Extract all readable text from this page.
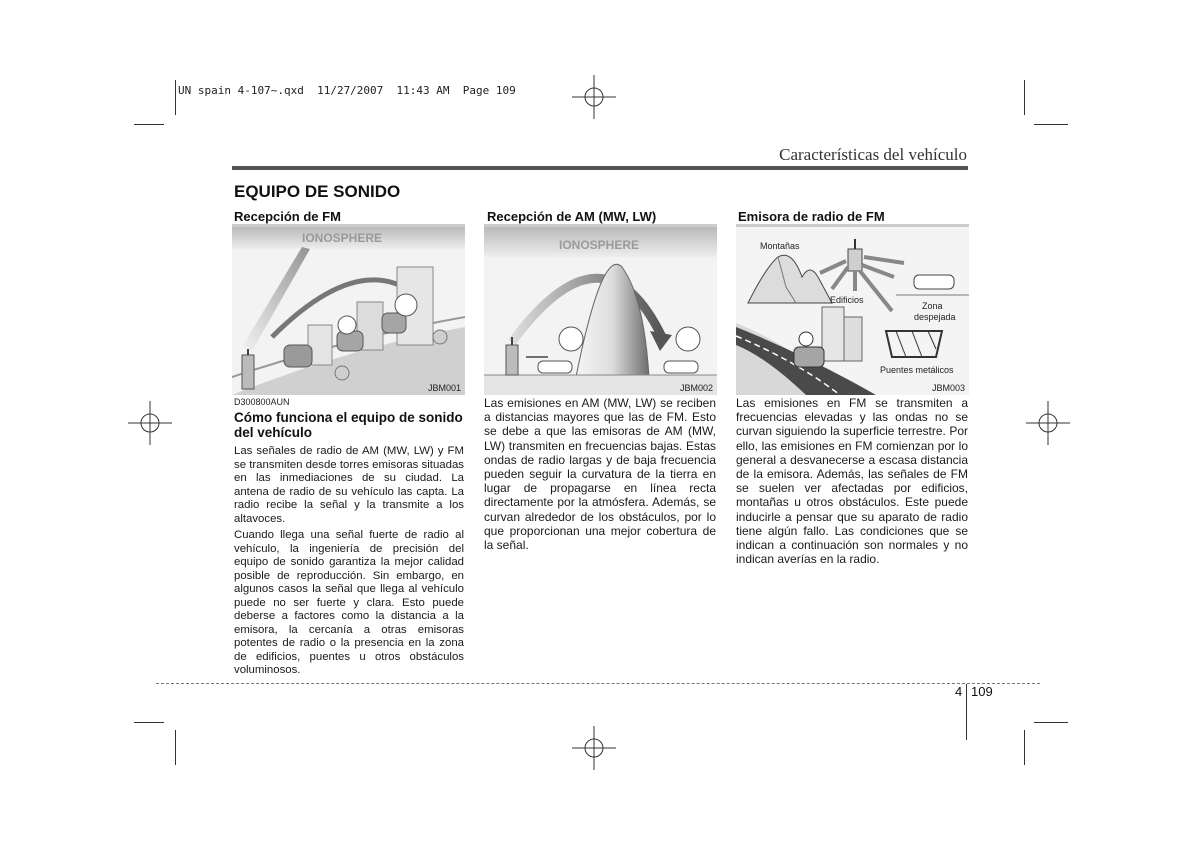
UN spain 4-107~.qxd  11/27/2007  11:43 AM  Page 109
Características del vehículo
EQUIPO DE SONIDO
Recepción de FM
IONOSPHERE
JBM001
Recepción de AM (MW, LW)
IONOSPHERE
JBM002
Emisora de radio de FM
Montañas
Zona despejada
Edificios
Puentes metálicos
JBM003
D300800AUN
Cómo funciona el equipo de sonido del vehículo

Las señales de radio de AM (MW, LW) y FM se transmiten desde torres emisoras situadas en las inmediaciones de su ciudad. La antena de radio de su vehículo las capta. La radio recibe la señal y la transmite a los altavoces.

Cuando llega una señal fuerte de radio al vehículo, la ingeniería de precisión del equipo de sonido garantiza la mejor calidad posible de reproducción. Sin embargo, en algunos casos la señal que llega al vehículo puede no ser fuerte y clara. Esto puede deberse a factores como la distancia a la emisora, la cercanía a otras emisoras potentes de radio o la presencia en la zona de edificios, puentes u otros obstáculos voluminosos.

Las emisiones en AM (MW, LW) se reciben a distancias mayores que las de FM. Esto se debe a que las emisoras de AM (MW, LW) transmiten en frecuencias bajas. Estas ondas de radio largas y de baja frecuencia pueden seguir la curvatura de la tierra en lugar de propagarse en línea recta directamente por la atmósfera. Además, se curvan alrededor de los obstáculos, por lo que proporcionan una mejor cobertura de la señal.

Las emisiones en FM se transmiten a frecuencias elevadas y las ondas no se curvan siguiendo la superficie terrestre. Por ello, las emisiones en FM comienzan por lo general a desvanecerse a escasa distancia de la emisora. Además, las señales de FM se suelen ver afectadas por edificios, montañas u otros obstáculos. Este puede inducirle a pensar que su aparato de radio tiene algún fallo. Las condiciones que se indican a continuación son normales y no indican averías en la radio.

4 109
